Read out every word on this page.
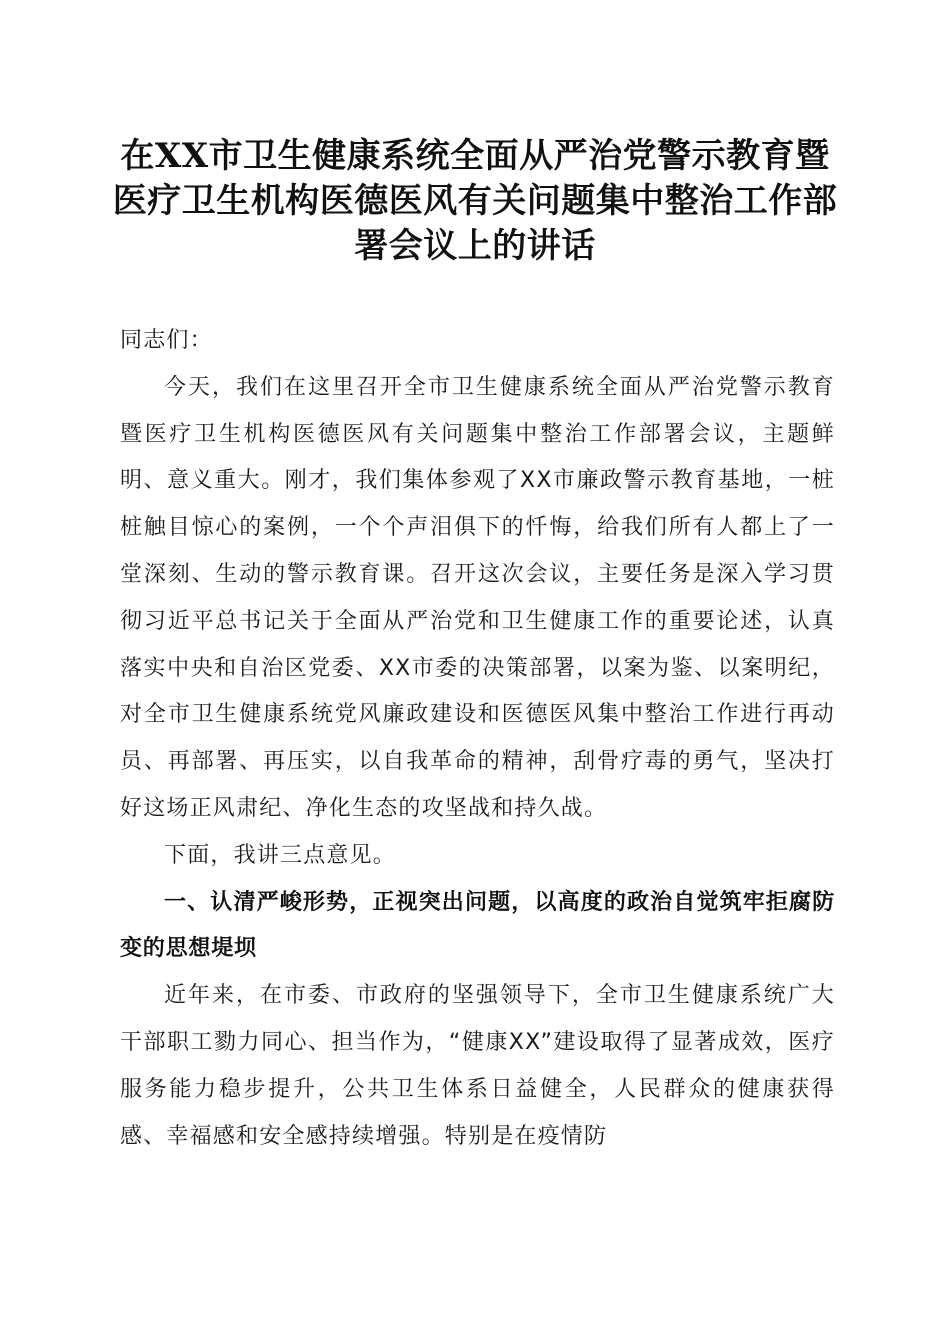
在XX市卫生健康系统全面从严治党警示教育暨医疗卫生机构医德医风有关问题集中整治工作部署会议上的讲话

同志们：

今天，我们在这里召开全市卫生健康系统全面从严治党警示教育暨医疗卫生机构医德医风有关问题集中整治工作部署会议，主题鲜明、意义重大。刚才，我们集体参观了XX市廉政警示教育基地，一桩桩触目惊心的案例，一个个声泪俱下的忏悔，给我们所有人都上了一堂深刻、生动的警示教育课。召开这次会议，主要任务是深入学习贯彻习近平总书记关于全面从严治党和卫生健康工作的重要论述，认真落实中央和自治区党委、XX市委的决策部署，以案为鉴、以案明纪，对全市卫生健康系统党风廉政建设和医德医风集中整治工作进行再动员、再部署、再压实，以自我革命的精神，刮骨疗毒的勇气，坚决打好这场正风肃纪、净化生态的攻坚战和持久战。

下面，我讲三点意见。

一、认清严峻形势，正视突出问题，以高度的政治自觉筑牢拒腐防变的思想堤坝

近年来，在市委、市政府的坚强领导下，全市卫生健康系统广大干部职工勠力同心、担当作为，“健康XX”建设取得了显著成效，医疗服务能力稳步提升，公共卫生体系日益健全，人民群众的健康获得感、幸福感和安全感持续增强。特别是在疫情防
